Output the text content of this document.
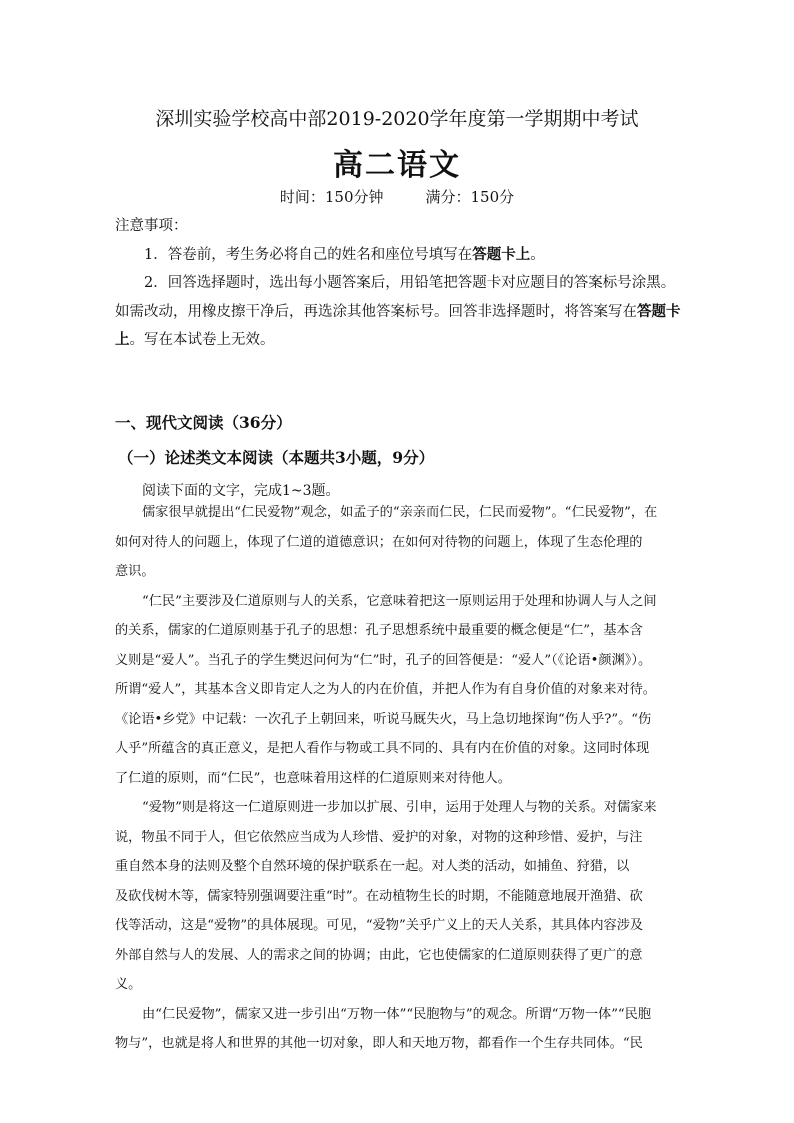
深圳实验学校高中部2019-2020学年度第一学期期中考试
高二语文
时间：150分钟	满分：150分

注意事项：

1．答卷前，考生务必将自己的姓名和座位号填写在答题卡上。

2．回答选择题时，选出每小题答案后，用铅笔把答题卡对应题目的答案标号涂黑。如需改动，用橡皮擦干净后，再选涂其他答案标号。回答非选择题时，将答案写在答题卡上。写在本试卷上无效。

一、现代文阅读（36分）
（一）论述类文本阅读（本题共3小题，9分）
阅读下面的文字，完成1~3题。
儒家很早就提出“仁民爱物”观念，如孟子的“亲亲而仁民，仁民而爱物”。“仁民爱物”，在
如何对待人的问题上，体现了仁道的道德意识；在如何对待物的问题上，体现了生态伦理的
意识。
“仁民”主要涉及仁道原则与人的关系，它意味着把这一原则运用于处理和协调人与人之间
的关系，儒家的仁道原则基于孔子的思想：孔子思想系统中最重要的概念便是“仁”，基本含
义则是“爱人”。当孔子的学生樊迟问何为“仁”时，孔子的回答便是：“爱人”（《论语•颜渊》）。
所谓“爱人”，其基本含义即肯定人之为人的内在价值，并把人作为有自身价值的对象来对待。
《论语•乡党》中记载：一次孔子上朝回来，听说马厩失火，马上急切地探询“伤人乎?”。“伤
人乎”所蕴含的真正意义，是把人看作与物或工具不同的、具有内在价值的对象。这同时体现
了仁道的原则，而“仁民”，也意味着用这样的仁道原则来对待他人。
“爱物”则是将这一仁道原则进一步加以扩展、引申，运用于处理人与物的关系。对儒家来
说，物虽不同于人，但它依然应当成为人珍惜、爱护的对象，对物的这种珍惜、爱护，与注
重自然本身的法则及整个自然环境的保护联系在一起。对人类的活动，如捕鱼、狩猎，以
及砍伐树木等，儒家特别强调要注重“时”。在动植物生长的时期，不能随意地展开渔猎、砍
伐等活动，这是“爱物”的具体展现。可见，“爱物”关乎广义上的天人关系，其具体内容涉及
外部自然与人的发展、人的需求之间的协调；由此，它也使儒家的仁道原则获得了更广的意
义。
由“仁民爱物”，儒家又进一步引出“万物一体”“民胞物与”的观念。所谓“万物一体”“民胞
物与”，也就是将人和世界的其他一切对象，即人和天地万物，都看作一个生存共同体。“民
